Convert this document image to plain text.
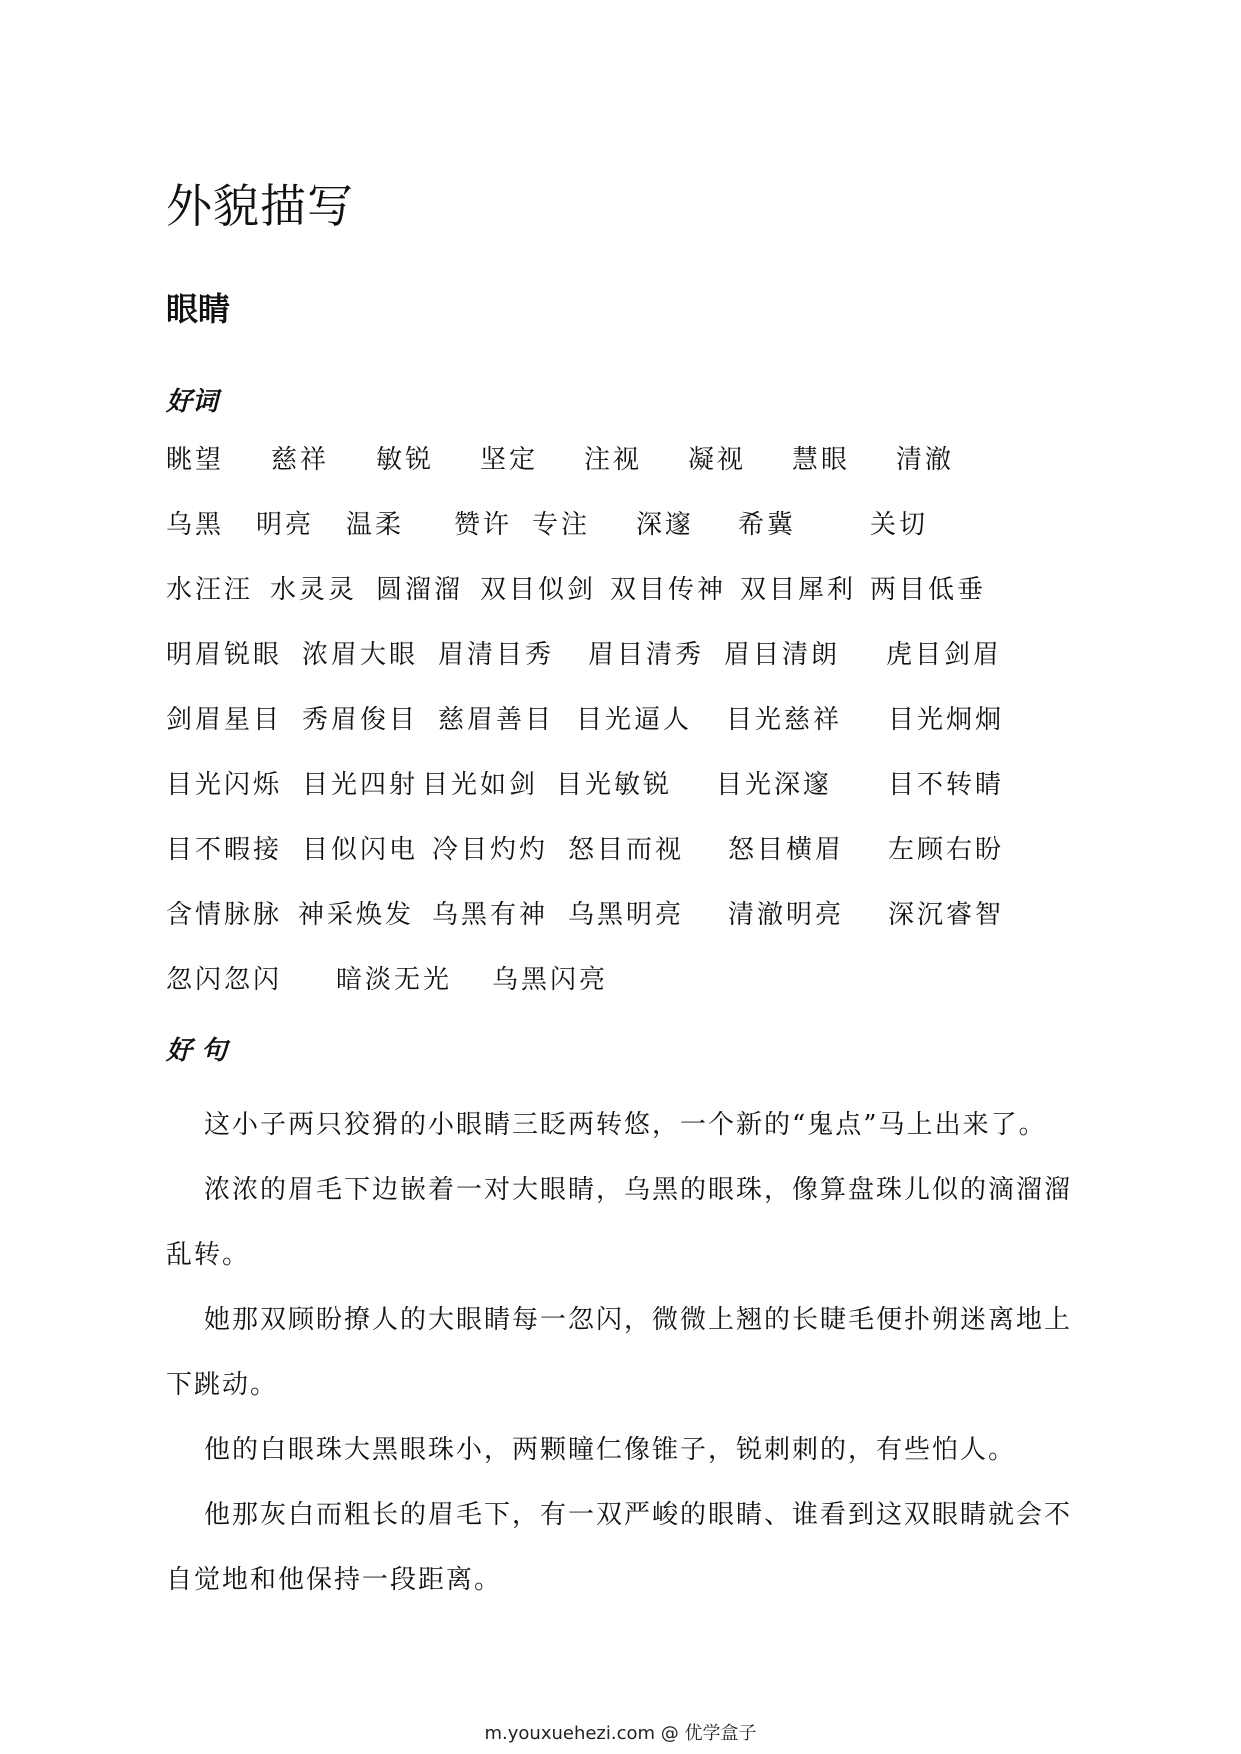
外貌描写
眼睛
好词
眺望 慈祥 敏锐 坚定 注视 凝视 慧眼 清澈
乌黑 明亮 温柔 赞许 专注 深邃 希冀	关切
水汪汪 水灵灵 圆溜溜 双目似剑 双目传神 双目犀利 两目低垂
明眉锐眼 浓眉大眼 眉清目秀 眉目清秀 眉目清朗 虎目剑眉
剑眉星目 秀眉俊目 慈眉善目 目光逼人 目光慈祥 目光炯炯
目光闪烁 目光四射 目光如剑 目光敏锐 目光深邃 目不转睛
目不暇接 目似闪电 冷目灼灼 怒目而视 怒目横眉 左顾右盼
含情脉脉 神采焕发 乌黑有神 乌黑明亮 清澈明亮 深沉睿智
忽闪忽闪 暗淡无光 乌黑闪亮
好 句

这小子两只狡猾的小眼睛三眨两转悠，一个新的“鬼点”马上出来了。

浓浓的眉毛下边嵌着一对大眼睛，乌黑的眼珠，像算盘珠儿似的滴溜溜乱转。

她那双顾盼撩人的大眼睛每一忽闪，微微上翘的长睫毛便扑朔迷离地上下跳动。

他的白眼珠大黑眼珠小，两颗瞳仁像锥子，锐刺刺的，有些怕人。

他那灰白而粗长的眉毛下，有一双严峻的眼睛、谁看到这双眼睛就会不自觉地和他保持一段距离。

m.youxuehezi.com @ 优学盒子
